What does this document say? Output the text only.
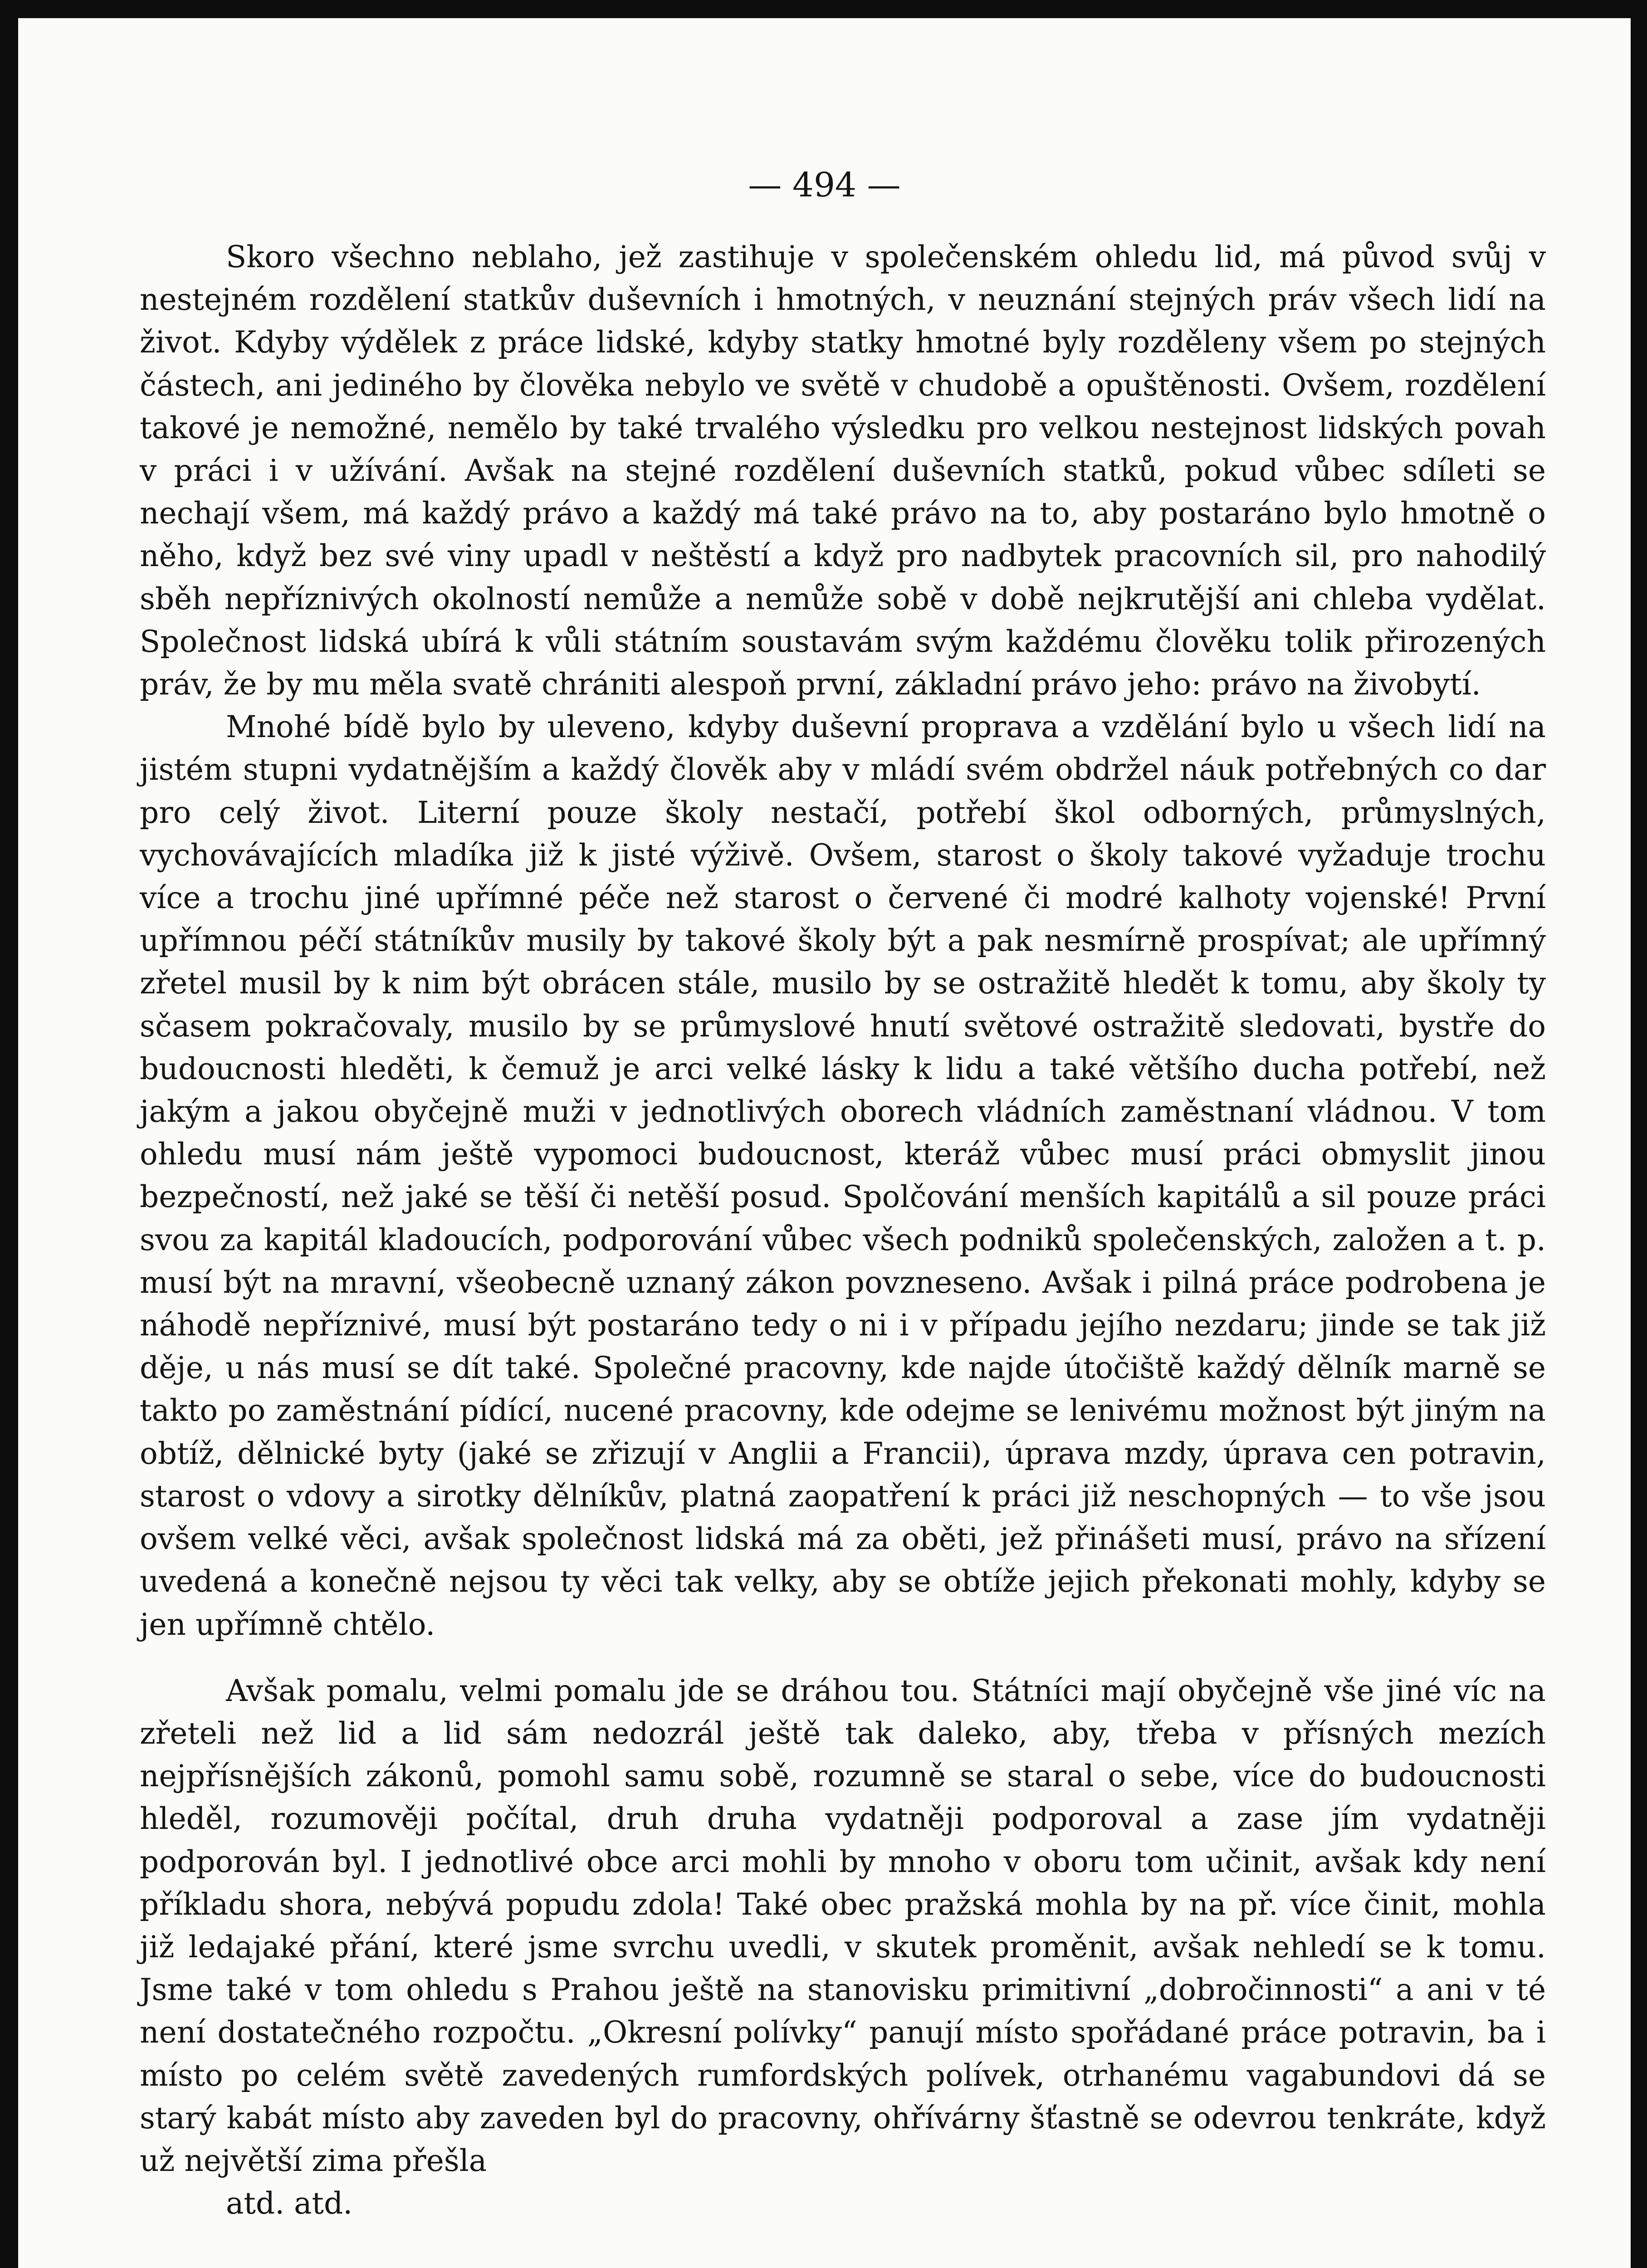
— 494 —

Skoro všechno neblaho, jež zastihuje v společenském ohledu lid, má původ svůj v nestejném rozdělení statkův duševních i hmotných, v neuznání stejných práv všech lidí na život. Kdyby výdělek z práce lidské, kdyby statky hmotné byly rozděleny všem po stejných částech, ani jediného by člověka nebylo ve světě v chudobě a opuštěnosti. Ovšem, rozdělení takové je nemožné, nemělo by také trvalého výsledku pro velkou nestejnost lidských povah v práci i v užívání. Avšak na stejné rozdělení duševních statků, pokud vůbec sdíleti se nechají všem, má každý právo a každý má také právo na to, aby postaráno bylo hmotně o něho, když bez své viny upadl v neštěstí a když pro nadbytek pracovních sil, pro nahodilý sběh nepříznivých okolností nemůže a nemůže sobě v době nejkrutější ani chleba vydělat. Společnost lidská ubírá k vůli státním soustavám svým každému člověku tolik přirozených práv, že by mu měla svatě chrániti alespoň první, základní právo jeho: právo na živobytí.

Mnohé bídě bylo by uleveno, kdyby duševní proprava a vzdělání bylo u všech lidí na jistém stupni vydatnějším a každý člověk aby v mládí svém obdržel náuk potřebných co dar pro celý život. Literní pouze školy nestačí, potřebí škol odborných, průmyslných, vychovávajících mladíka již k jisté výživě. Ovšem, starost o školy takové vyžaduje trochu více a trochu jiné upřímné péče než starost o červené či modré kalhoty vojenské! První upřímnou péčí státníkův musily by takové školy být a pak nesmírně prospívat; ale upřímný zřetel musil by k nim být obrácen stále, musilo by se ostražitě hledět k tomu, aby školy ty sčasem pokračovaly, musilo by se průmyslové hnutí světové ostražitě sledovati, bystře do budoucnosti hleděti, k čemuž je arci velké lásky k lidu a také většího ducha potřebí, než jakým a jakou obyčejně muži v jednotlivých oborech vládních zaměstnaní vládnou. V tom ohledu musí nám ještě vypomoci budoucnost, kteráž vůbec musí práci obmyslit jinou bezpečností, než jaké se těší či netěší posud. Spolčování menších kapitálů a sil pouze práci svou za kapitál kladoucích, podporování vůbec všech podniků společenských, založen a t. p. musí být na mravní, všeobecně uznaný zákon povzneseno. Avšak i pilná práce podrobena je náhodě nepříznivé, musí být postaráno tedy o ni i v případu jejího nezdaru; jinde se tak již děje, u nás musí se dít také. Společné pracovny, kde najde útočiště každý dělník marně se takto po zaměstnání pídící, nucené pracovny, kde odejme se lenivému možnost být jiným na obtíž, dělnické byty (jaké se zřizují v Anglii a Francii), úprava mzdy, úprava cen potravin, starost o vdovy a sirotky dělníkův, platná zaopatření k práci již neschopných — to vše jsou ovšem velké věci, avšak společnost lidská má za oběti, jež přinášeti musí, právo na sřízení uvedená a konečně nejsou ty věci tak velky, aby se obtíže jejich překonati mohly, kdyby se jen upřímně chtělo.

Avšak pomalu, velmi pomalu jde se dráhou tou. Státníci mají obyčejně vše jiné víc na zřeteli než lid a lid sám nedozrál ještě tak daleko, aby, třeba v přísných mezích nejpřísnějších zákonů, pomohl samu sobě, rozumně se staral o sebe, více do budoucnosti hleděl, rozumověji počítal, druh druha vydatněji podporoval a zase jím vydatněji podporován byl. I jednotlivé obce arci mohli by mnoho v oboru tom učinit, avšak kdy není příkladu shora, nebývá popudu zdola! Také obec pražská mohla by na př. více činit, mohla již ledajaké přání, které jsme svrchu uvedli, v skutek proměnit, avšak nehledí se k tomu. Jsme také v tom ohledu s Prahou ještě na stanovisku primitivní „dobročinnosti“ a ani v té není dostatečného rozpočtu. „Okresní polívky“ panují místo spořádané práce potravin, ba i místo po celém světě zavedených rumfordských polívek, otrhanému vagabundovi dá se starý kabát místo aby zaveden byl do pracovny, ohřívárny šťastně se odevrou tenkráte, když už největší zima přešla

atd. atd.
